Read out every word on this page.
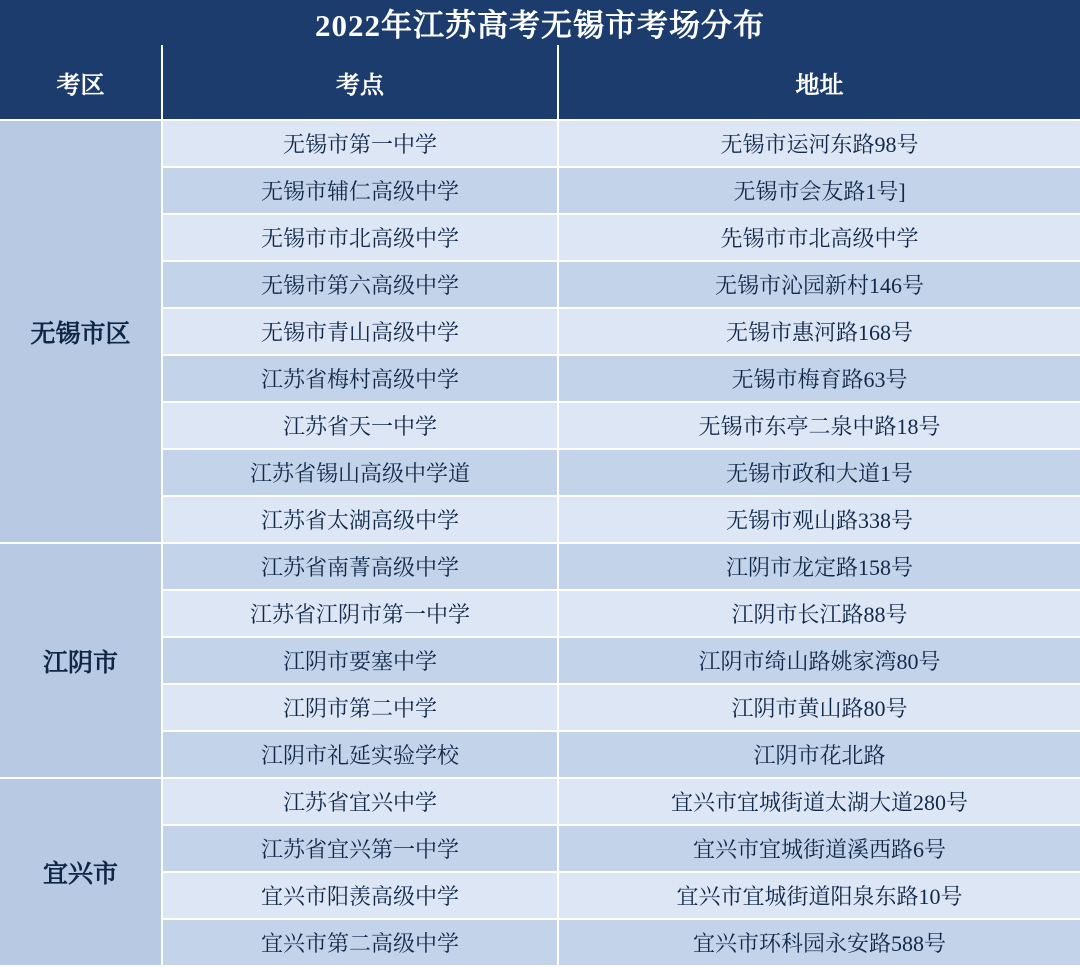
2022年江苏高考无锡市考场分布
考区	考点	地址
无锡市区	无锡市第一中学	无锡市运河东路98号
	无锡市辅仁高级中学	无锡市会友路1号]
	无锡市市北高级中学	先锡市市北高级中学
	无锡市第六高级中学	无锡市沁园新村146号
	无锡市青山高级中学	无锡市惠河路168号
	江苏省梅村高级中学	无锡市梅育路63号
	江苏省天一中学	无锡市东亭二泉中路18号
	江苏省锡山高级中学道	无锡市政和大道1号
	江苏省太湖高级中学	无锡市观山路338号
江阴市	江苏省南菁高级中学	江阴市龙定路158号
	江苏省江阴市第一中学	江阴市长江路88号
	江阴市要塞中学	江阴市绮山路姚家湾80号
	江阴市第二中学	江阴市黄山路80号
	江阴市礼延实验学校	江阴市花北路
宜兴市	江苏省宜兴中学	宜兴市宜城街道太湖大道280号
	江苏省宜兴第一中学	宜兴市宜城街道溪西路6号
	宜兴市阳羡高级中学	宜兴市宜城街道阳泉东路10号
	宜兴市第二高级中学	宜兴市环科园永安路588号
